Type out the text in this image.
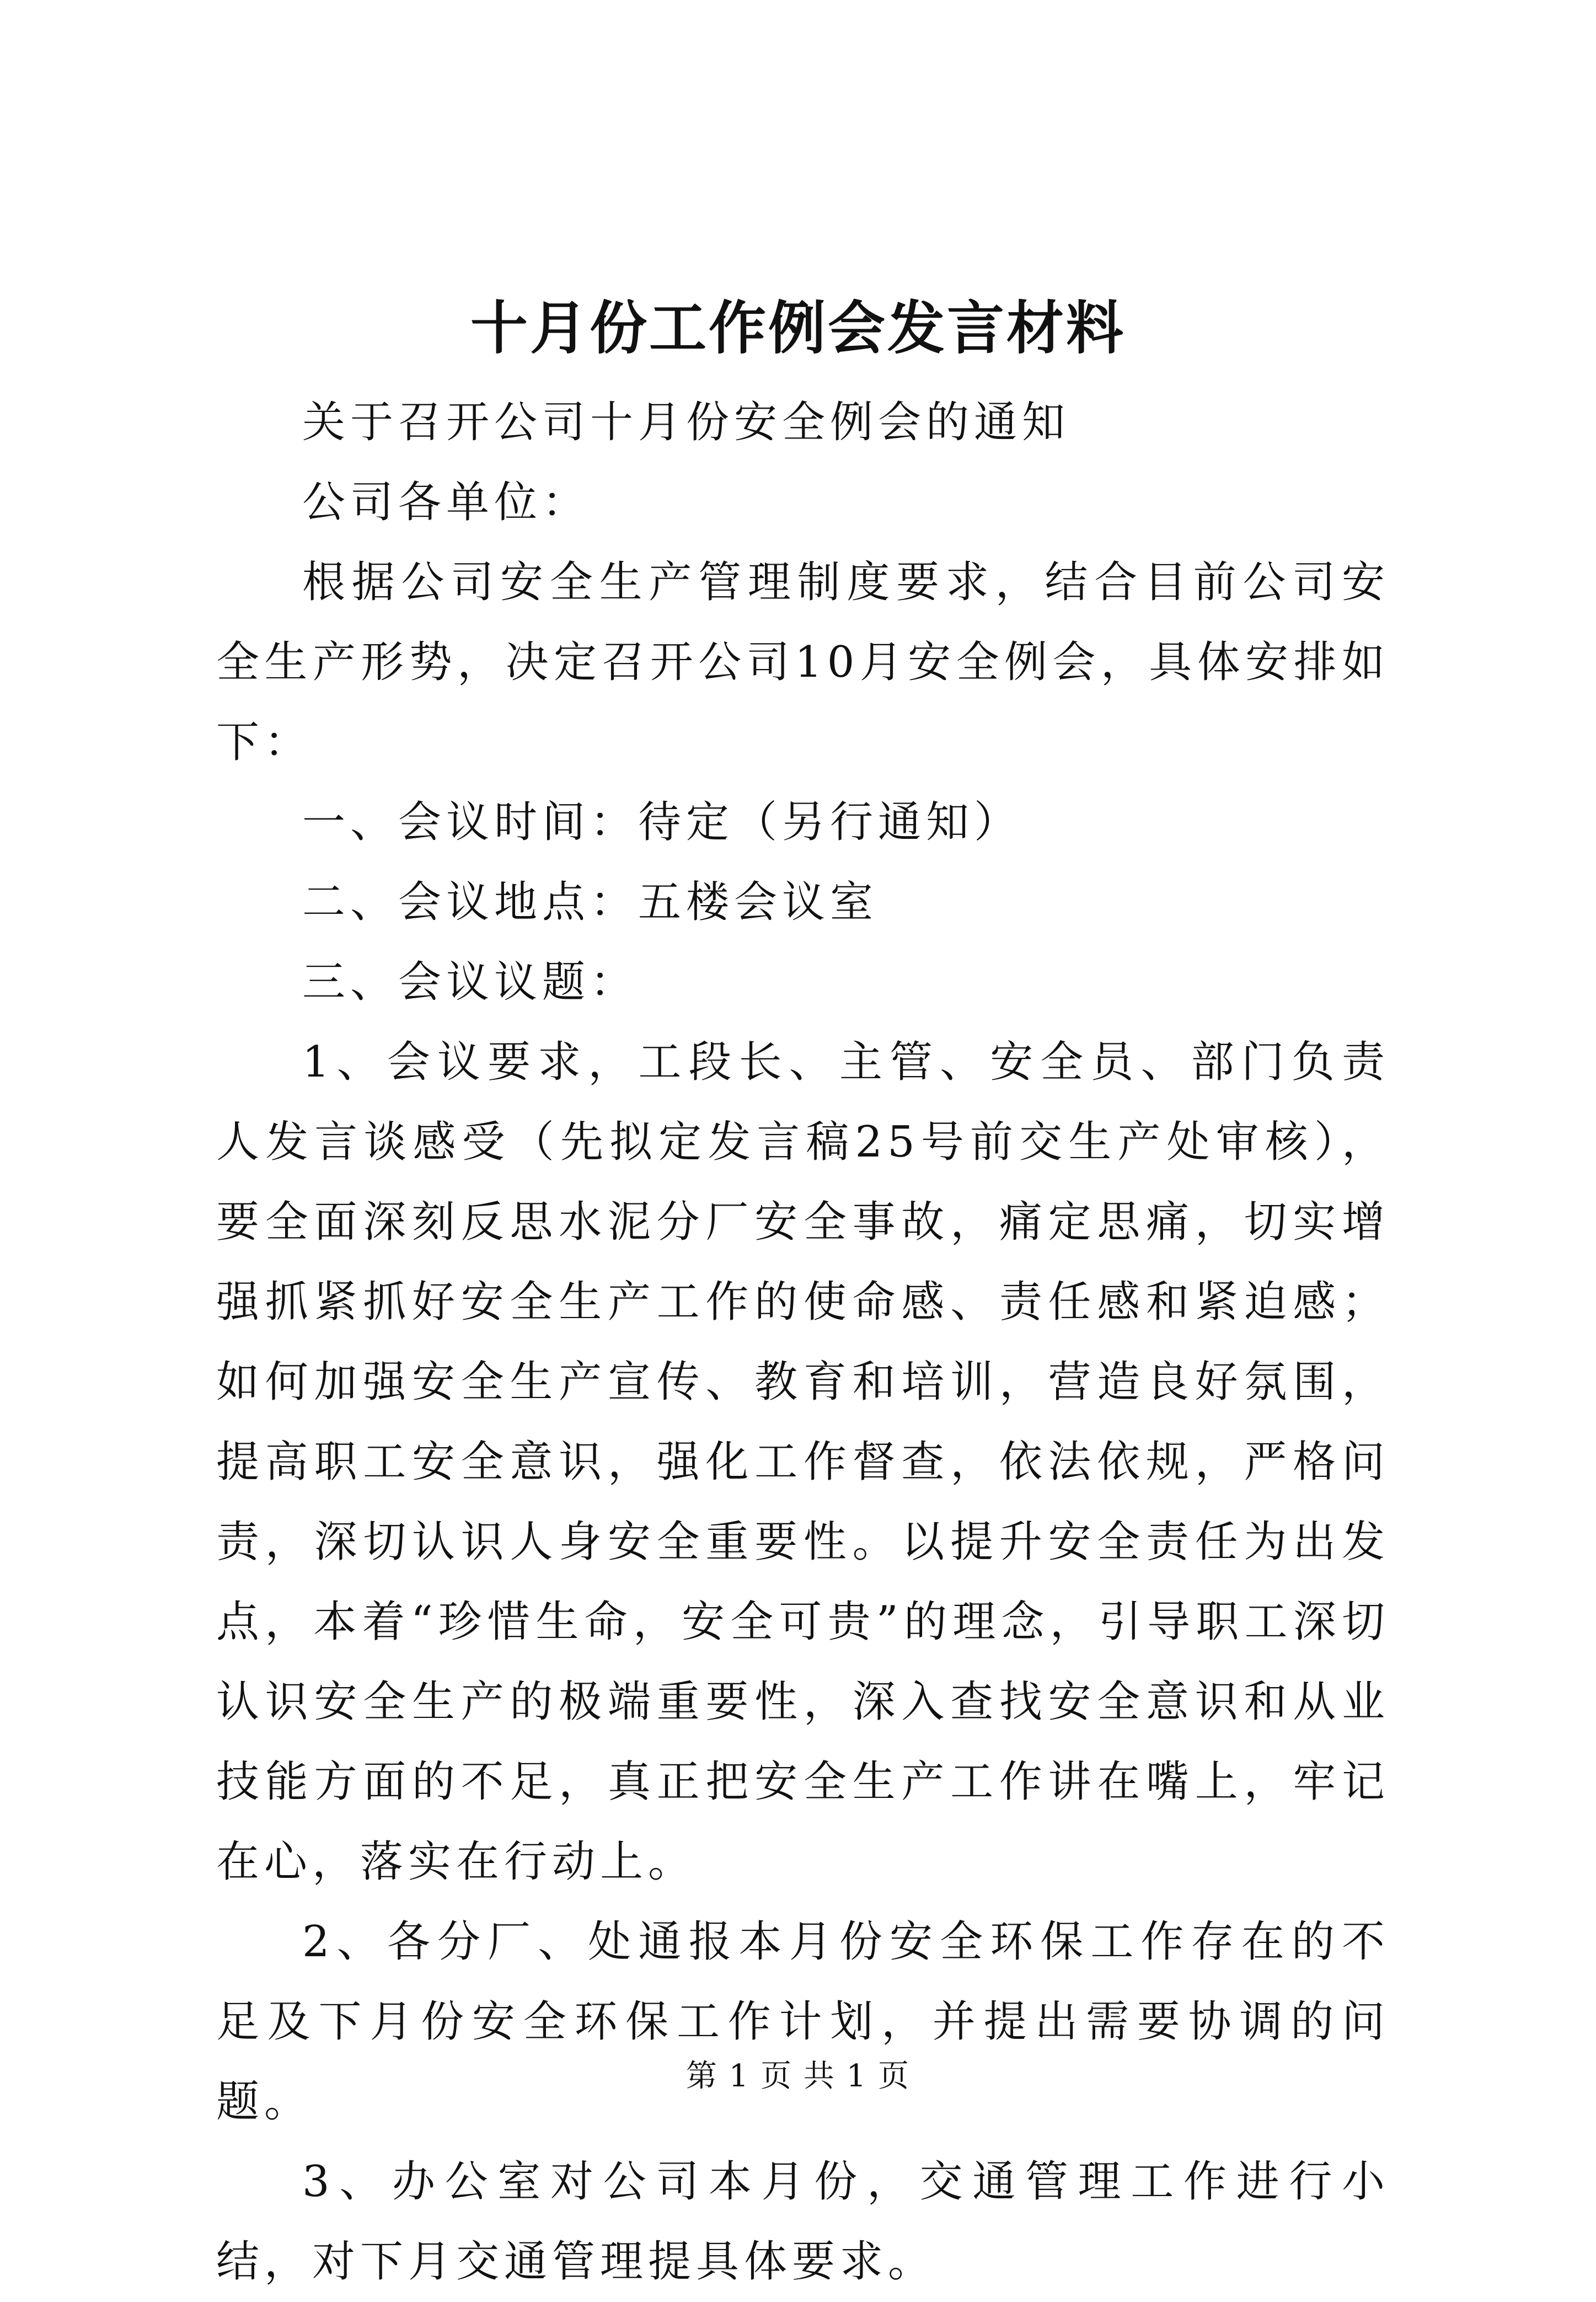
十月份工作例会发言材料

关于召开公司十月份安全例会的通知

公司各单位：

根据公司安全生产管理制度要求，结合目前公司安全生产形势，决定召开公司10月安全例会，具体安排如下：

一、会议时间：待定（另行通知）

二、会议地点：五楼会议室

三、会议议题：

1、会议要求，工段长、主管、安全员、部门负责人发言谈感受（先拟定发言稿25号前交生产处审核），要全面深刻反思水泥分厂安全事故，痛定思痛，切实增强抓紧抓好安全生产工作的使命感、责任感和紧迫感；如何加强安全生产宣传、教育和培训，营造良好氛围，提高职工安全意识，强化工作督查，依法依规，严格问责，深切认识人身安全重要性。以提升安全责任为出发点，本着“珍惜生命，安全可贵”的理念，引导职工深切认识安全生产的极端重要性，深入查找安全意识和从业技能方面的不足，真正把安全生产工作讲在嘴上，牢记在心，落实在行动上。

2、各分厂、处通报本月份安全环保工作存在的不足及下月份安全环保工作计划，并提出需要协调的问题。

3、办公室对公司本月份，交通管理工作进行小结，对下月交通管理提具体要求。

第 1 页 共 1 页
